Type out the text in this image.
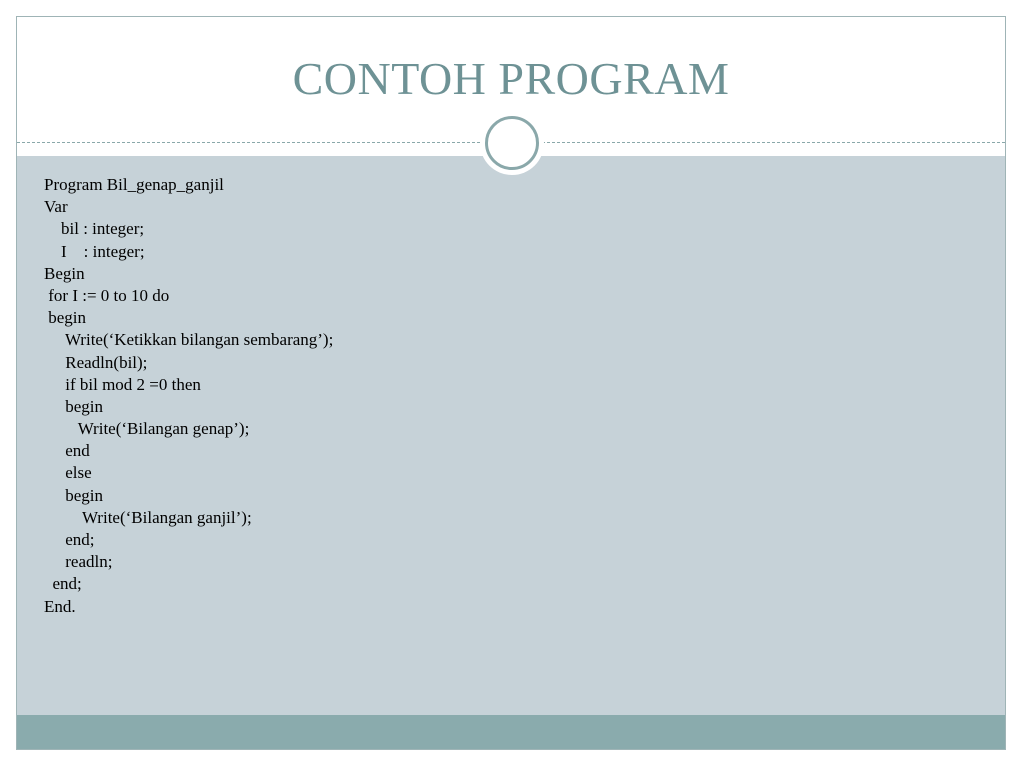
CONTOH PROGRAM
Program Bil_genap_ganjil
Var
bil : integer;
I    : integer;
Begin
for I := 0 to 10 do
begin
Write(‘Ketikkan bilangan sembarang’);
Readln(bil);
if bil mod 2 =0 then
begin
Write(‘Bilangan genap’);
end
else
begin
Write(‘Bilangan ganjil’);
end;
readln;
end;
End.
